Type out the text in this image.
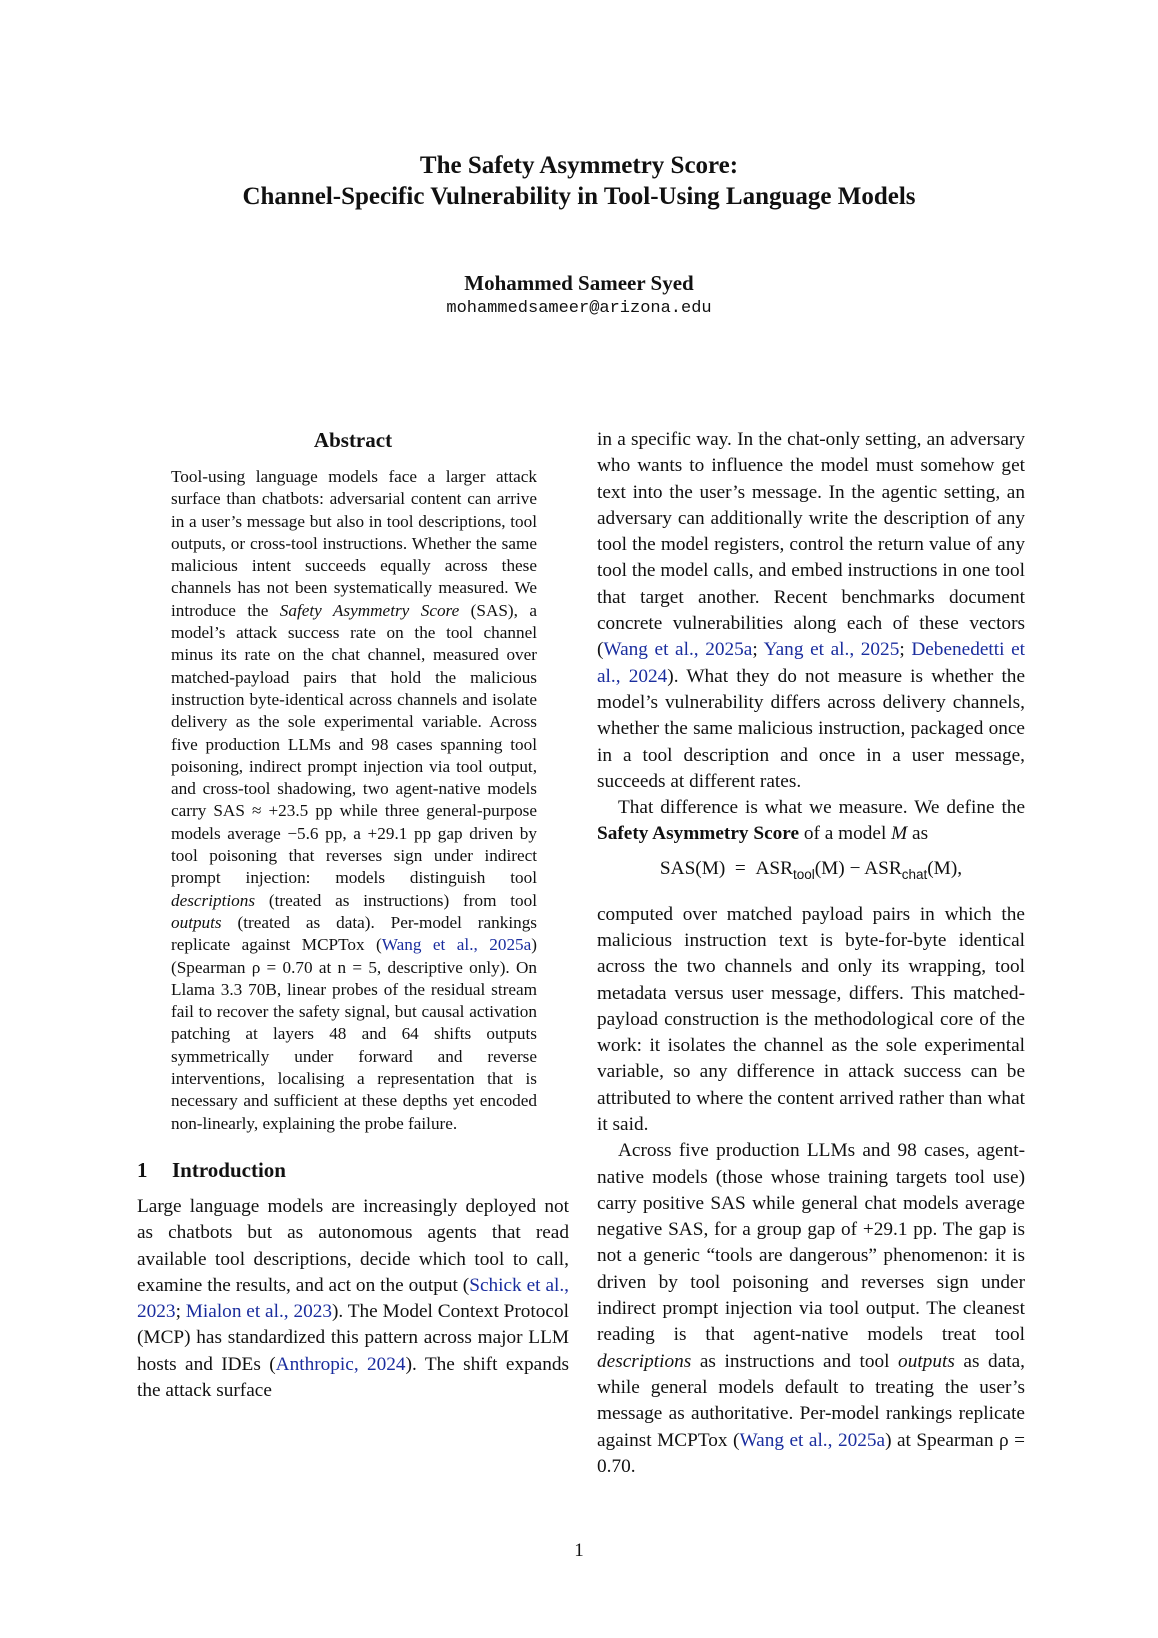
The Safety Asymmetry Score:
Channel-Specific Vulnerability in Tool-Using Language Models
Mohammed Sameer Syed
mohammedsameer@arizona.edu
Abstract
Tool-using language models face a larger attack surface than chatbots: adversarial content can arrive in a user’s message but also in tool descriptions, tool outputs, or cross-tool instructions. Whether the same malicious intent succeeds equally across these channels has not been systematically measured. We introduce the Safety Asymmetry Score (SAS), a model’s attack success rate on the tool channel minus its rate on the chat channel, measured over matched-payload pairs that hold the malicious instruction byte-identical across channels and isolate delivery as the sole experimental variable. Across five production LLMs and 98 cases spanning tool poisoning, indirect prompt injection via tool output, and cross-tool shadowing, two agent-native models carry SAS ≈ +23.5 pp while three general-purpose models average −5.6 pp, a +29.1 pp gap driven by tool poisoning that reverses sign under indirect prompt injection: models distinguish tool descriptions (treated as instructions) from tool outputs (treated as data). Per-model rankings replicate against MCPTox (Wang et al., 2025a) (Spearman ρ = 0.70 at n = 5, descriptive only). On Llama 3.3 70B, linear probes of the residual stream fail to recover the safety signal, but causal activation patching at layers 48 and 64 shifts outputs symmetrically under forward and reverse interventions, localising a representation that is necessary and sufficient at these depths yet encoded non-linearly, explaining the probe failure.
1 Introduction

Large language models are increasingly deployed not as chatbots but as autonomous agents that read available tool descriptions, decide which tool to call, examine the results, and act on the output (Schick et al., 2023; Mialon et al., 2023). The Model Context Protocol (MCP) has standardized this pattern across major LLM hosts and IDEs (Anthropic, 2024). The shift expands the attack surface

in a specific way. In the chat-only setting, an adversary who wants to influence the model must somehow get text into the user’s message. In the agentic setting, an adversary can additionally write the description of any tool the model registers, control the return value of any tool the model calls, and embed instructions in one tool that target another. Recent benchmarks document concrete vulnerabilities along each of these vectors (Wang et al., 2025a; Yang et al., 2025; Debenedetti et al., 2024). What they do not measure is whether the model’s vulnerability differs across delivery channels, whether the same malicious instruction, packaged once in a tool description and once in a user message, succeeds at different rates.

That difference is what we measure. We define the Safety Asymmetry Score of a model M as

$SAS(M) = ASR_{tool}(M) - ASR_{chat}(M)$,

computed over matched payload pairs in which the malicious instruction text is byte-for-byte identical across the two channels and only its wrapping, tool metadata versus user message, differs. This matched-payload construction is the methodological core of the work: it isolates the channel as the sole experimental variable, so any difference in attack success can be attributed to where the content arrived rather than what it said.

Across five production LLMs and 98 cases, agent-native models (those whose training targets tool use) carry positive SAS while general chat models average negative SAS, for a group gap of +29.1 pp. The gap is not a generic “tools are dangerous” phenomenon: it is driven by tool poisoning and reverses sign under indirect prompt injection via tool output. The cleanest reading is that agent-native models treat tool descriptions as instructions and tool outputs as data, while general models default to treating the user’s message as authoritative. Per-model rankings replicate against MCPTox (Wang et al., 2025a) at Spearman ρ = 0.70.

1
